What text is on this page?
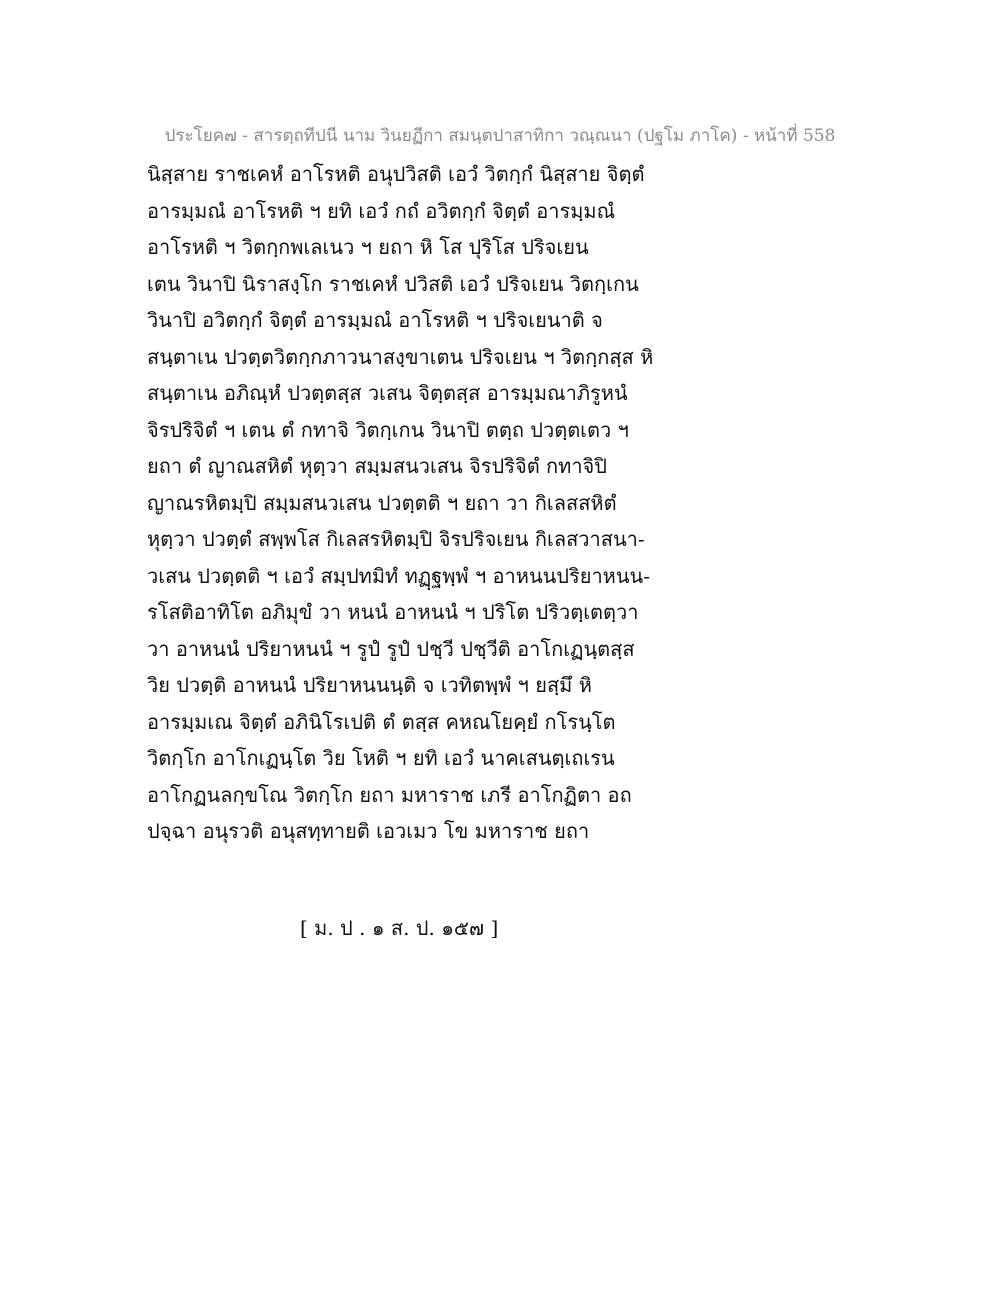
ประโยค๗ - สารตฺถทีปนี นาม วินยฏีกา สมนฺตปาสาทิกา วณฺณนา (ปฐโม ภาโค) - หน้าที่ 558
นิสฺสาย ราชเคหํ อาโรหติ อนุปวิสติ เอวํ วิตกฺกํ นิสฺสาย จิตฺตํ
อารมฺมณํ อาโรหติ ฯ ยทิ เอวํ กถํ อวิตกฺกํ จิตฺตํ อารมฺมณํ
อาโรหติ ฯ วิตกฺกพเลเนว ฯ ยถา หิ โส ปุริโส ปริจเยน
เตน วินาปิ นิราสงฺโก ราชเคหํ ปวิสติ เอวํ ปริจเยน วิตกฺเกน
วินาปิ อวิตกฺกํ จิตฺตํ อารมฺมณํ อาโรหติ ฯ ปริจเยนาติ จ
สนฺตาเน ปวตฺตวิตกฺกภาวนาสงฺขาเตน ปริจเยน ฯ วิตกฺกสฺส หิ
สนฺตาเน อภิณฺหํ ปวตฺตสฺส วเสน จิตฺตสฺส อารมฺมณาภิรูหนํ
จิรปริจิตํ ฯ เตน ตํ กทาจิ วิตกฺเกน วินาปิ ตตฺถ ปวตฺตเตว ฯ
ยถา ตํ ญาณสหิตํ หุตฺวา สมฺมสนวเสน จิรปริจิตํ กทาจิปิ
ญาณรหิตมฺปิ สมฺมสนวเสน ปวตฺตติ ฯ ยถา วา กิเลสสหิตํ
หุตฺวา ปวตฺตํ สพฺพโส กิเลสรหิตมฺปิ จิรปริจเยน กิเลสวาสนา-
วเสน ปวตฺตติ ฯ เอวํ สมฺปทมิทํ ทฏฺฐพฺพํ ฯ อาหนนปริยาหนน-
รโสติอาทิโต อภิมุขํ วา หนนํ อาหนนํ ฯ ปริโต ปริวตฺเตตฺวา
วา อาหนนํ ปริยาหนนํ ฯ รูปํ รูปํ ปชฺวี ปชฺวีติ อาโกเฏนฺตสฺส
วิย ปวตฺติ อาหนนํ ปริยาหนนนฺติ จ เวทิตพฺพํ ฯ ยสฺมึ หิ
อารมฺมเณ จิตฺตํ อภินิโรเปติ ตํ ตสฺส คหณโยคฺยํ กโรนฺโต
วิตกฺโก อาโกเฏนฺโต วิย โหติ ฯ ยทิ เอวํ นาคเสนตฺเถเรน
อาโกฏนลกฺขโณ วิตกฺโก ยถา มหาราช เภรี อาโกฏิตา อถ
ปจฺฉา อนุรวติ อนุสทฺทายติ เอวเมว โข มหาราช ยถา
[ ม. ป . ๑ ส. ป. ๑๕๗ ]
